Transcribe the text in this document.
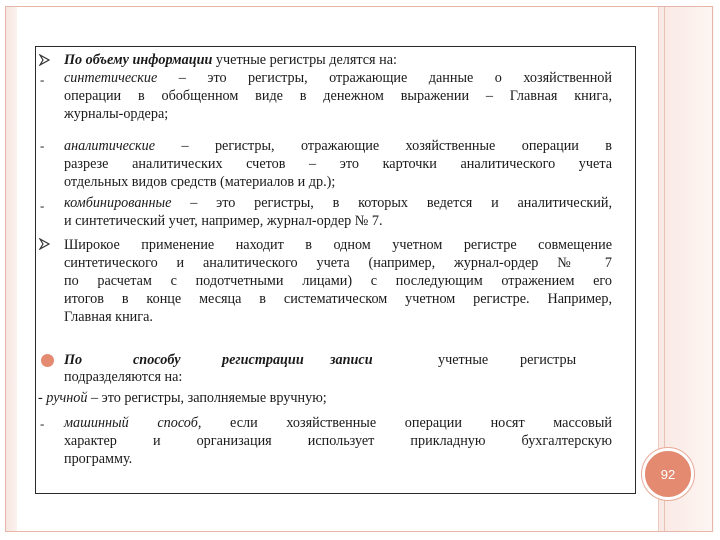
По объему информации учетные регистры делятся на:
- синтетические – это регистры, отражающие данные о хозяйственной
операции в обобщенном виде в денежном выражении – Главная книга,
журналы-ордера;
- аналитические – регистры, отражающие хозяйственные операции в
разрезе аналитических счетов – это карточки аналитического учета
отдельных видов средств (материалов и др.);
- комбинированные – это регистры, в которых ведется и аналитический,
и синтетический учет, например, журнал-ордер № 7.
Широкое применение находит в одном учетном регистре совмещение
синтетического и аналитического учета (например, журнал-ордер № 7
по расчетам с подотчетными лицами) с последующим отражением его
итогов в конце месяца в систематическом учетном регистре. Например,
Главная книга.
По	способу	регистрации записи	учетные регистры
подразделяются на:
- ручной – это регистры, заполняемые вручную;
- машинный способ, если хозяйственные операции носят массовый
характер и организация использует прикладную бухгалтерскую
программу.
92
